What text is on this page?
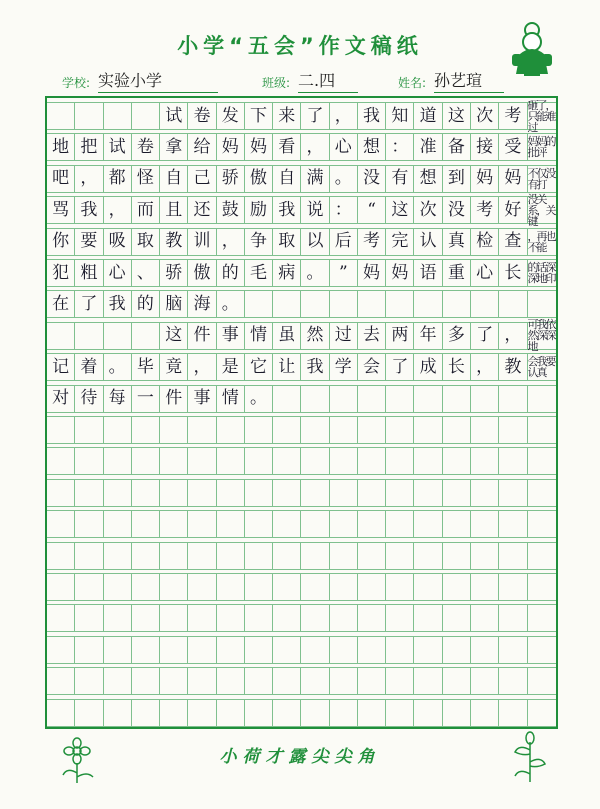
小学“五会”作文稿纸
学校: 实验小学	班级: 二.四	姓名: 孙艺瑄
试 卷 发 下 来 了 ， 我 知 道 这 次 考
砸了，只能难过
地 把 试 卷 拿 给 妈 妈 看 ， 心 想 ： 准 备 接 受 妈妈的批评
吧 ， 都 怪 自 己 骄 傲 自 满 。 没 有 想 到 妈 妈 不仅没有打
骂 我 ， 而 且 还 鼓 励 我 说 ： “ 这 次 没 考 好
没关系，关键
你 要 吸 取 教 训 ， 争 取 以 后 考 完 认 真 检 查 ，再也不能
犯 粗 心 、 骄 傲 的 毛 病 。 ” 妈 妈 语 重 心 长 的话深深地印
在 了 我 的 脑 海 。
这 件 事 情 虽 然 过 去 两 年 多 了 ，
可我依然深深地
记 着 。 毕 竟 ， 是 它 让 我 学 会 了 成 长 ， 教 会我要认真
对 待 每 一 件 事 情 。
小荷才露尖尖角
